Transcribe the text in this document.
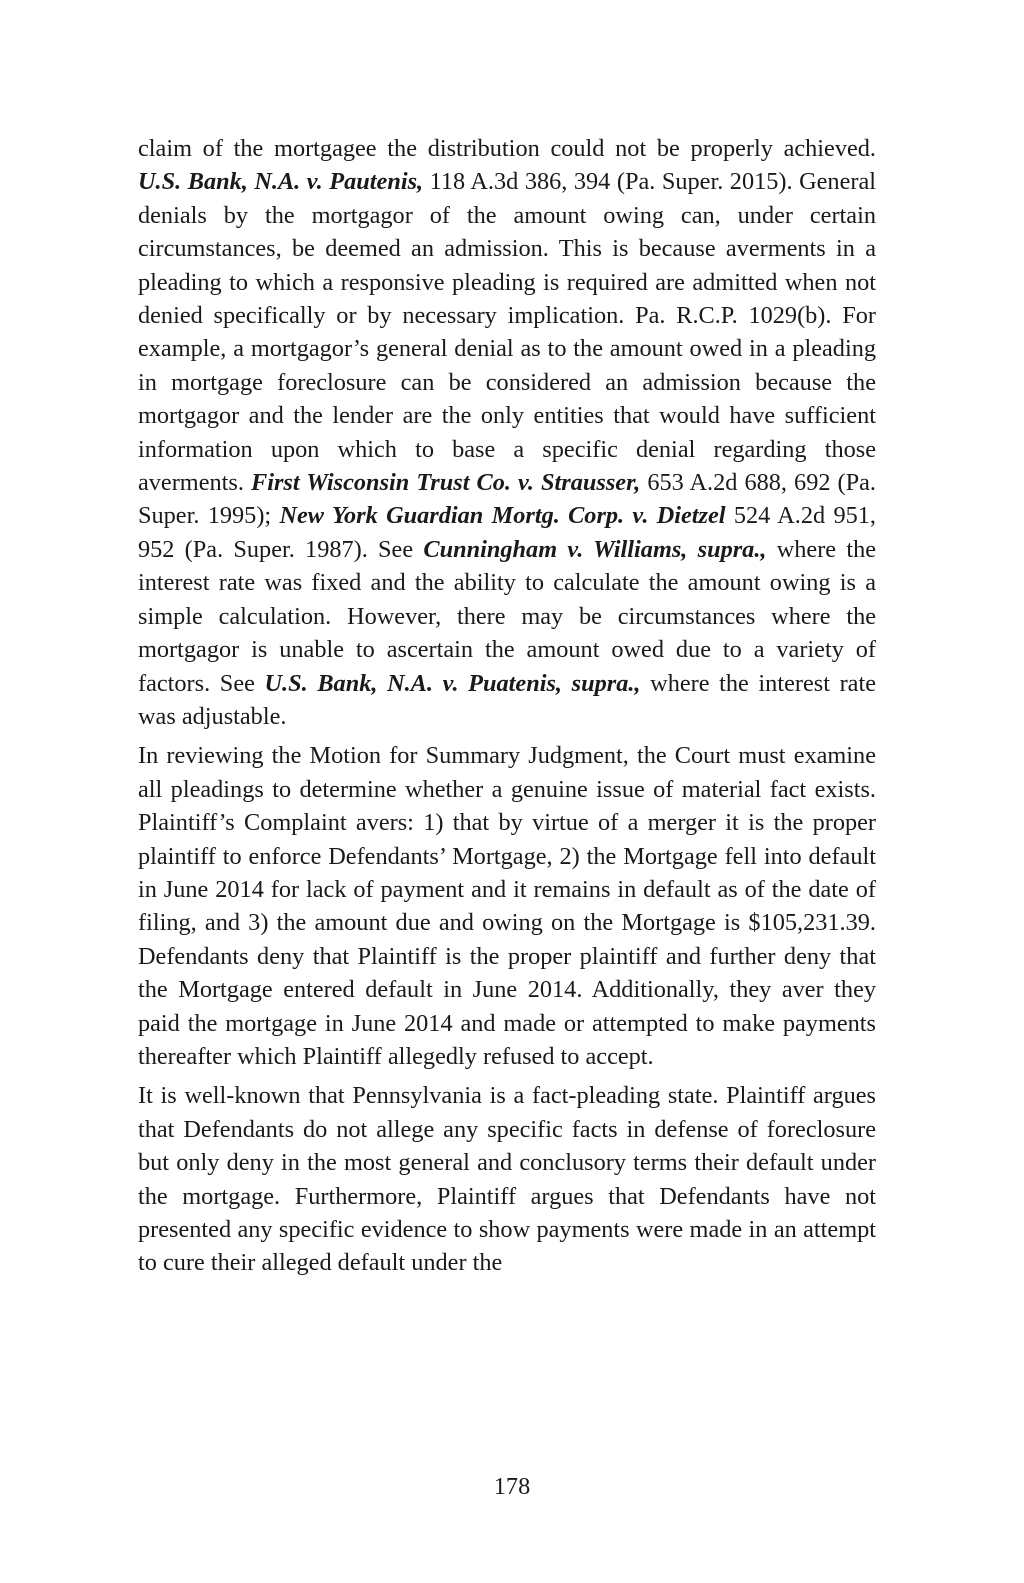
claim of the mortgagee the distribution could not be properly achieved. U.S. Bank, N.A. v. Pautenis, 118 A.3d 386, 394 (Pa. Super. 2015). General denials by the mortgagor of the amount owing can, under certain circumstances, be deemed an admission. This is because averments in a pleading to which a responsive pleading is required are admitted when not denied specifically or by necessary implication. Pa. R.C.P. 1029(b). For example, a mortgagor’s general denial as to the amount owed in a pleading in mortgage foreclosure can be considered an admission because the mortgagor and the lender are the only entities that would have sufficient information upon which to base a specific denial regarding those averments. First Wisconsin Trust Co. v. Strausser, 653 A.2d 688, 692 (Pa. Super. 1995); New York Guardian Mortg. Corp. v. Dietzel 524 A.2d 951, 952 (Pa. Super. 1987). See Cunningham v. Williams, supra., where the interest rate was fixed and the ability to calculate the amount owing is a simple calculation. However, there may be circumstances where the mortgagor is unable to ascertain the amount owed due to a variety of factors. See U.S. Bank, N.A. v. Puatenis, supra., where the interest rate was adjustable.

In reviewing the Motion for Summary Judgment, the Court must examine all pleadings to determine whether a genuine issue of material fact exists. Plaintiff’s Complaint avers: 1) that by virtue of a merger it is the proper plaintiff to enforce Defendants’ Mortgage, 2) the Mortgage fell into default in June 2014 for lack of payment and it remains in default as of the date of filing, and 3) the amount due and owing on the Mortgage is $105,231.39. Defendants deny that Plaintiff is the proper plaintiff and further deny that the Mortgage entered default in June 2014. Additionally, they aver they paid the mortgage in June 2014 and made or attempted to make payments thereafter which Plaintiff allegedly refused to accept.

It is well-known that Pennsylvania is a fact-pleading state. Plaintiff argues that Defendants do not allege any specific facts in defense of foreclosure but only deny in the most general and conclusory terms their default under the mortgage. Furthermore, Plaintiff argues that Defendants have not presented any specific evidence to show payments were made in an attempt to cure their alleged default under the

178
